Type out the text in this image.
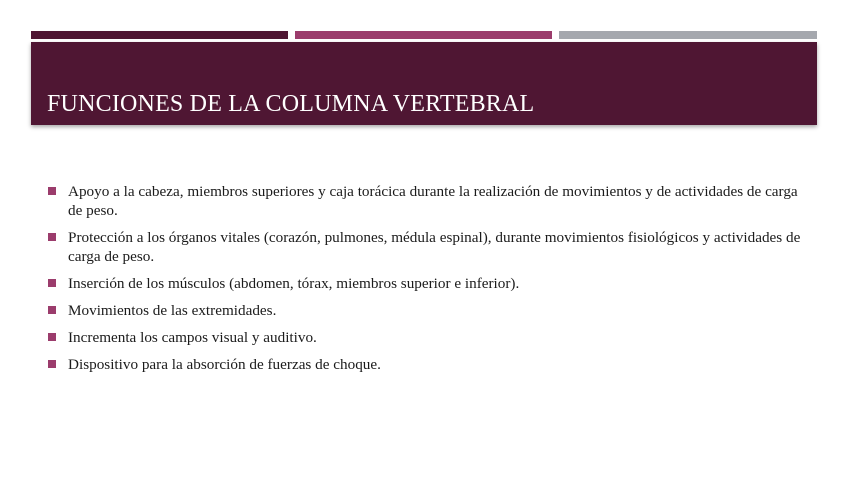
FUNCIONES DE LA COLUMNA VERTEBRAL
Apoyo a la cabeza, miembros superiores y caja torácica durante la realización de movimientos y de actividades de carga de peso.
Protección a los órganos vitales (corazón, pulmones, médula espinal), durante movimientos fisiológicos y actividades de carga de peso.
Inserción de los músculos (abdomen, tórax, miembros superior e inferior).
Movimientos de las extremidades.
Incrementa los campos visual y auditivo.
Dispositivo para la absorción de fuerzas de choque.
